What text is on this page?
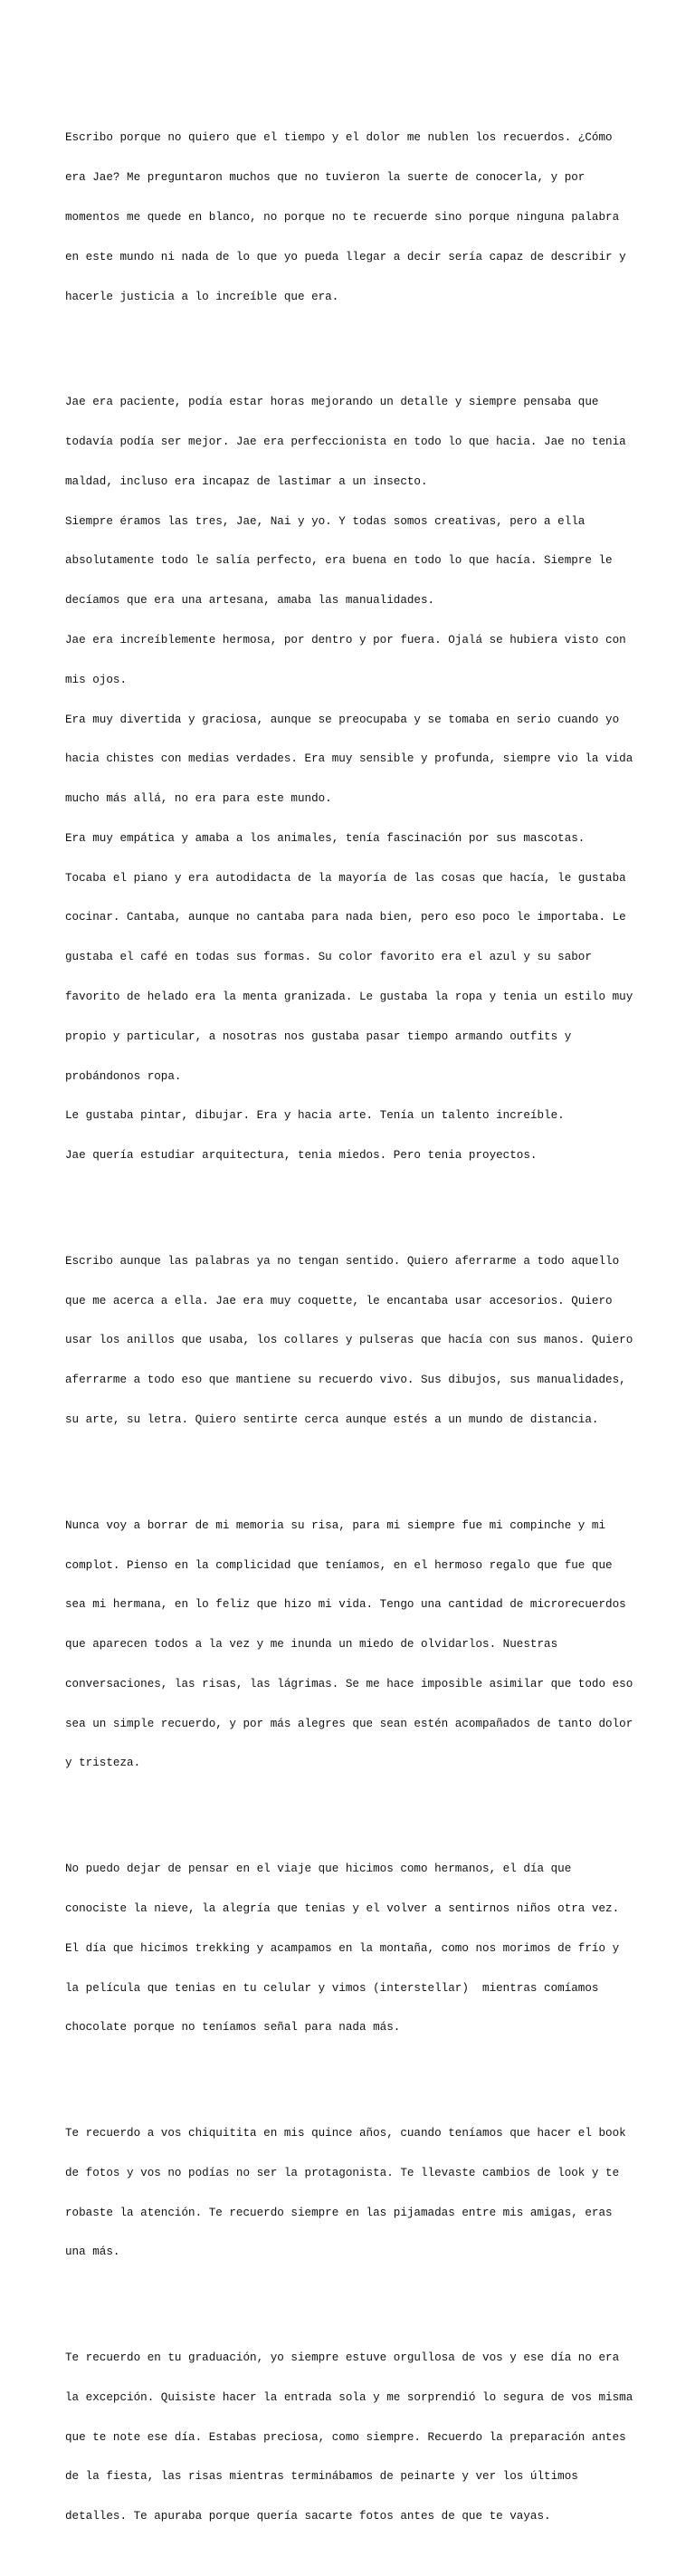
Escribo porque no quiero que el tiempo y el dolor me nublen los recuerdos. ¿Cómo

era Jae? Me preguntaron muchos que no tuvieron la suerte de conocerla, y por

momentos me quede en blanco, no porque no te recuerde sino porque ninguna palabra

en este mundo ni nada de lo que yo pueda llegar a decir sería capaz de describir y

hacerle justicia a lo increíble que era.

Jae era paciente, podía estar horas mejorando un detalle y siempre pensaba que

todavía podía ser mejor. Jae era perfeccionista en todo lo que hacia. Jae no tenia

maldad, incluso era incapaz de lastimar a un insecto.

Siempre éramos las tres, Jae, Nai y yo. Y todas somos creativas, pero a ella

absolutamente todo le salía perfecto, era buena en todo lo que hacía. Siempre le

decíamos que era una artesana, amaba las manualidades.

Jae era increíblemente hermosa, por dentro y por fuera. Ojalá se hubiera visto con

mis ojos.

Era muy divertida y graciosa, aunque se preocupaba y se tomaba en serio cuando yo

hacia chistes con medias verdades. Era muy sensible y profunda, siempre vio la vida

mucho más allá, no era para este mundo.

Era muy empática y amaba a los animales, tenía fascinación por sus mascotas.

Tocaba el piano y era autodidacta de la mayoría de las cosas que hacía, le gustaba

cocinar. Cantaba, aunque no cantaba para nada bien, pero eso poco le importaba. Le

gustaba el café en todas sus formas. Su color favorito era el azul y su sabor

favorito de helado era la menta granizada. Le gustaba la ropa y tenia un estilo muy

propio y particular, a nosotras nos gustaba pasar tiempo armando outfits y

probándonos ropa.

Le gustaba pintar, dibujar. Era y hacia arte. Tenía un talento increíble.

Jae quería estudiar arquitectura, tenia miedos. Pero tenia proyectos.

Escribo aunque las palabras ya no tengan sentido. Quiero aferrarme a todo aquello

que me acerca a ella. Jae era muy coquette, le encantaba usar accesorios. Quiero

usar los anillos que usaba, los collares y pulseras que hacía con sus manos. Quiero

aferrarme a todo eso que mantiene su recuerdo vivo. Sus dibujos, sus manualidades,

su arte, su letra. Quiero sentirte cerca aunque estés a un mundo de distancia.

Nunca voy a borrar de mi memoria su risa, para mi siempre fue mi compinche y mi

complot. Pienso en la complicidad que teníamos, en el hermoso regalo que fue que

sea mi hermana, en lo feliz que hizo mi vida. Tengo una cantidad de microrecuerdos

que aparecen todos a la vez y me inunda un miedo de olvidarlos. Nuestras

conversaciones, las risas, las lágrimas. Se me hace imposible asimilar que todo eso

sea un simple recuerdo, y por más alegres que sean estén acompañados de tanto dolor

y tristeza.

No puedo dejar de pensar en el viaje que hicimos como hermanos, el día que

conociste la nieve, la alegría que tenias y el volver a sentirnos niños otra vez.

El día que hicimos trekking y acampamos en la montaña, como nos morimos de frío y

la película que tenias en tu celular y vimos (interstellar)  mientras comíamos

chocolate porque no teníamos señal para nada más.

Te recuerdo a vos chiquitita en mis quince años, cuando teníamos que hacer el book

de fotos y vos no podías no ser la protagonista. Te llevaste cambios de look y te

robaste la atención. Te recuerdo siempre en las pijamadas entre mis amigas, eras

una más.

Te recuerdo en tu graduación, yo siempre estuve orgullosa de vos y ese día no era

la excepción. Quisiste hacer la entrada sola y me sorprendió lo segura de vos misma

que te note ese día. Estabas preciosa, como siempre. Recuerdo la preparación antes

de la fiesta, las risas mientras terminábamos de peinarte y ver los últimos

detalles. Te apuraba porque quería sacarte fotos antes de que te vayas.
